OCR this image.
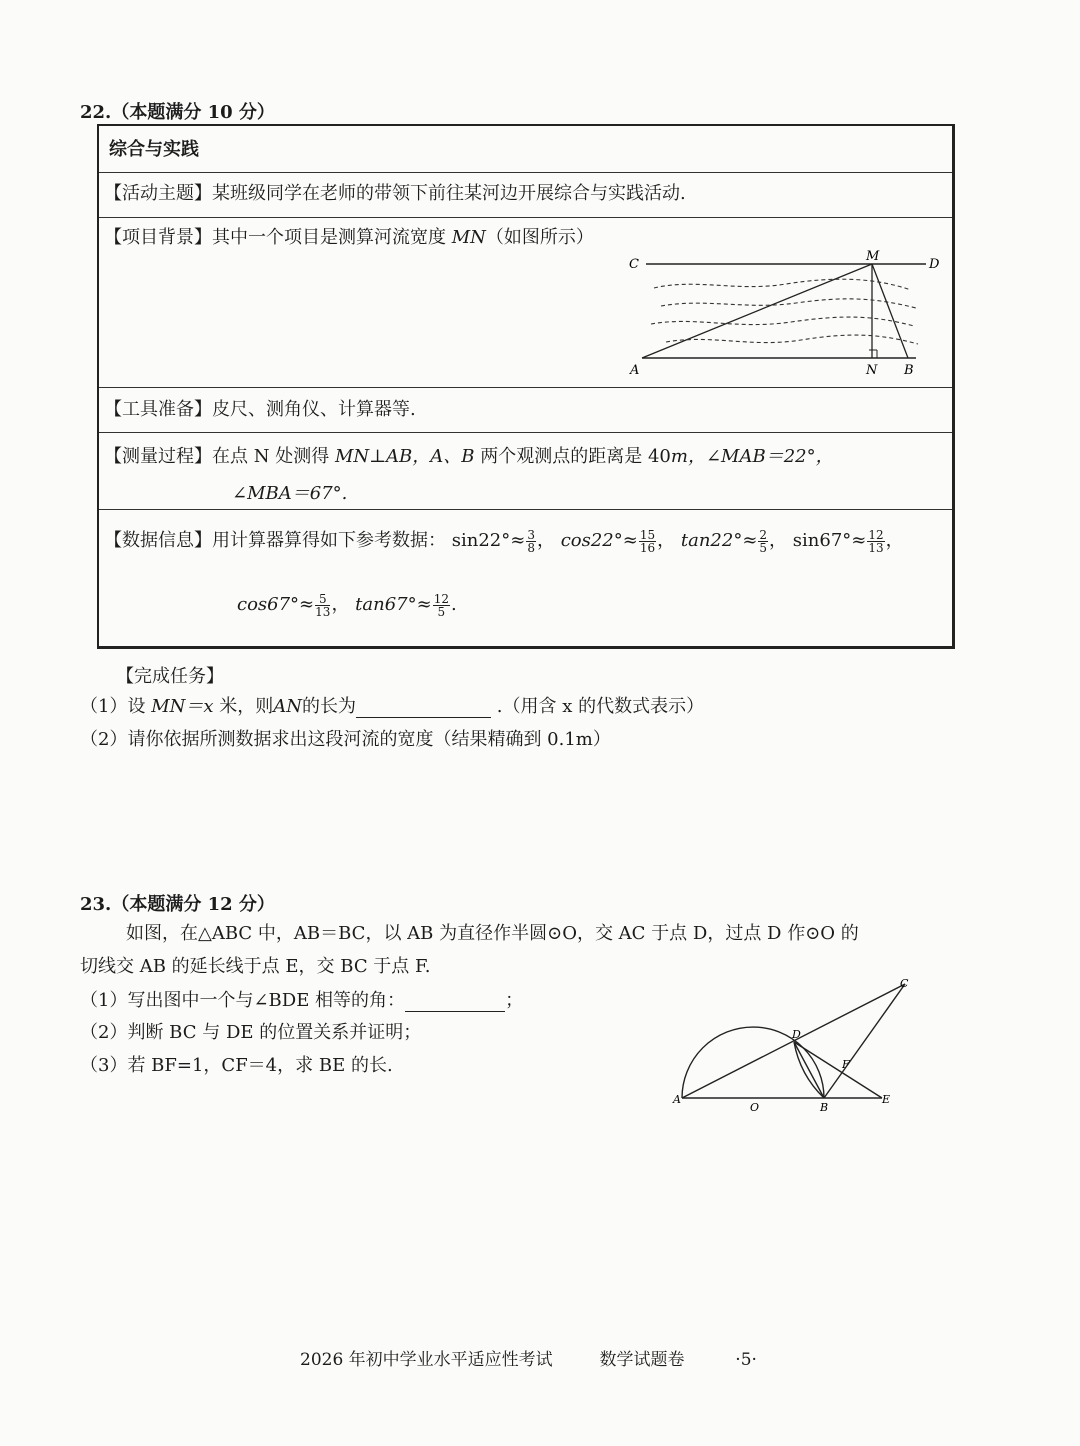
22.（本题满分 10 分）
综合与实践
【活动主题】某班级同学在老师的带领下前往某河边开展综合与实践活动.
【项目背景】其中一个项目是测算河流宽度 MN（如图所示）
C
M
D
A	N B
【工具准备】皮尺、测角仪、计算器等.
【测量过程】在点 N 处测得 MN⊥AB，A、B 两个观测点的距离是 40m，∠MAB＝22°，
∠MBA＝67°.
【数据信息】用计算器算得如下参考数据： $\sin 22^\circ\approx \frac{3}{8}$ ， $\cos 22^\circ\approx \frac{15}{16}$ ， $\tan 22^\circ\approx \frac{2}{5}$ ， $\sin 67^\circ\approx \frac{12}{13}$ ，
$\cos 67^\circ\approx \frac{5}{13}$ ， $\tan 67^\circ\approx \frac{12}{5}$ .
【完成任务】
（1）设 MN＝x 米，则AN的长为	.（用含 x 的代数式表示）
（2）请你依据所测数据求出这段河流的宽度（结果精确到 0.1m）
23.（本题满分 12 分）
如图，在△ABC 中，AB＝BC，以 AB 为直径作半圆⊙O，交 AC 于点 D，过点 D 作⊙O 的
切线交 AB 的延长线于点 E，交 BC 于点 F.
（1）写出图中一个与∠BDE 相等的角：	；
（2）判断 BC 与 DE 的位置关系并证明；
（3）若 BF=1，CF＝4，求 BE 的长.
C
D
F
A
O	B
E
2026 年初中学业水平适应性考试	数学试题卷	·5·
